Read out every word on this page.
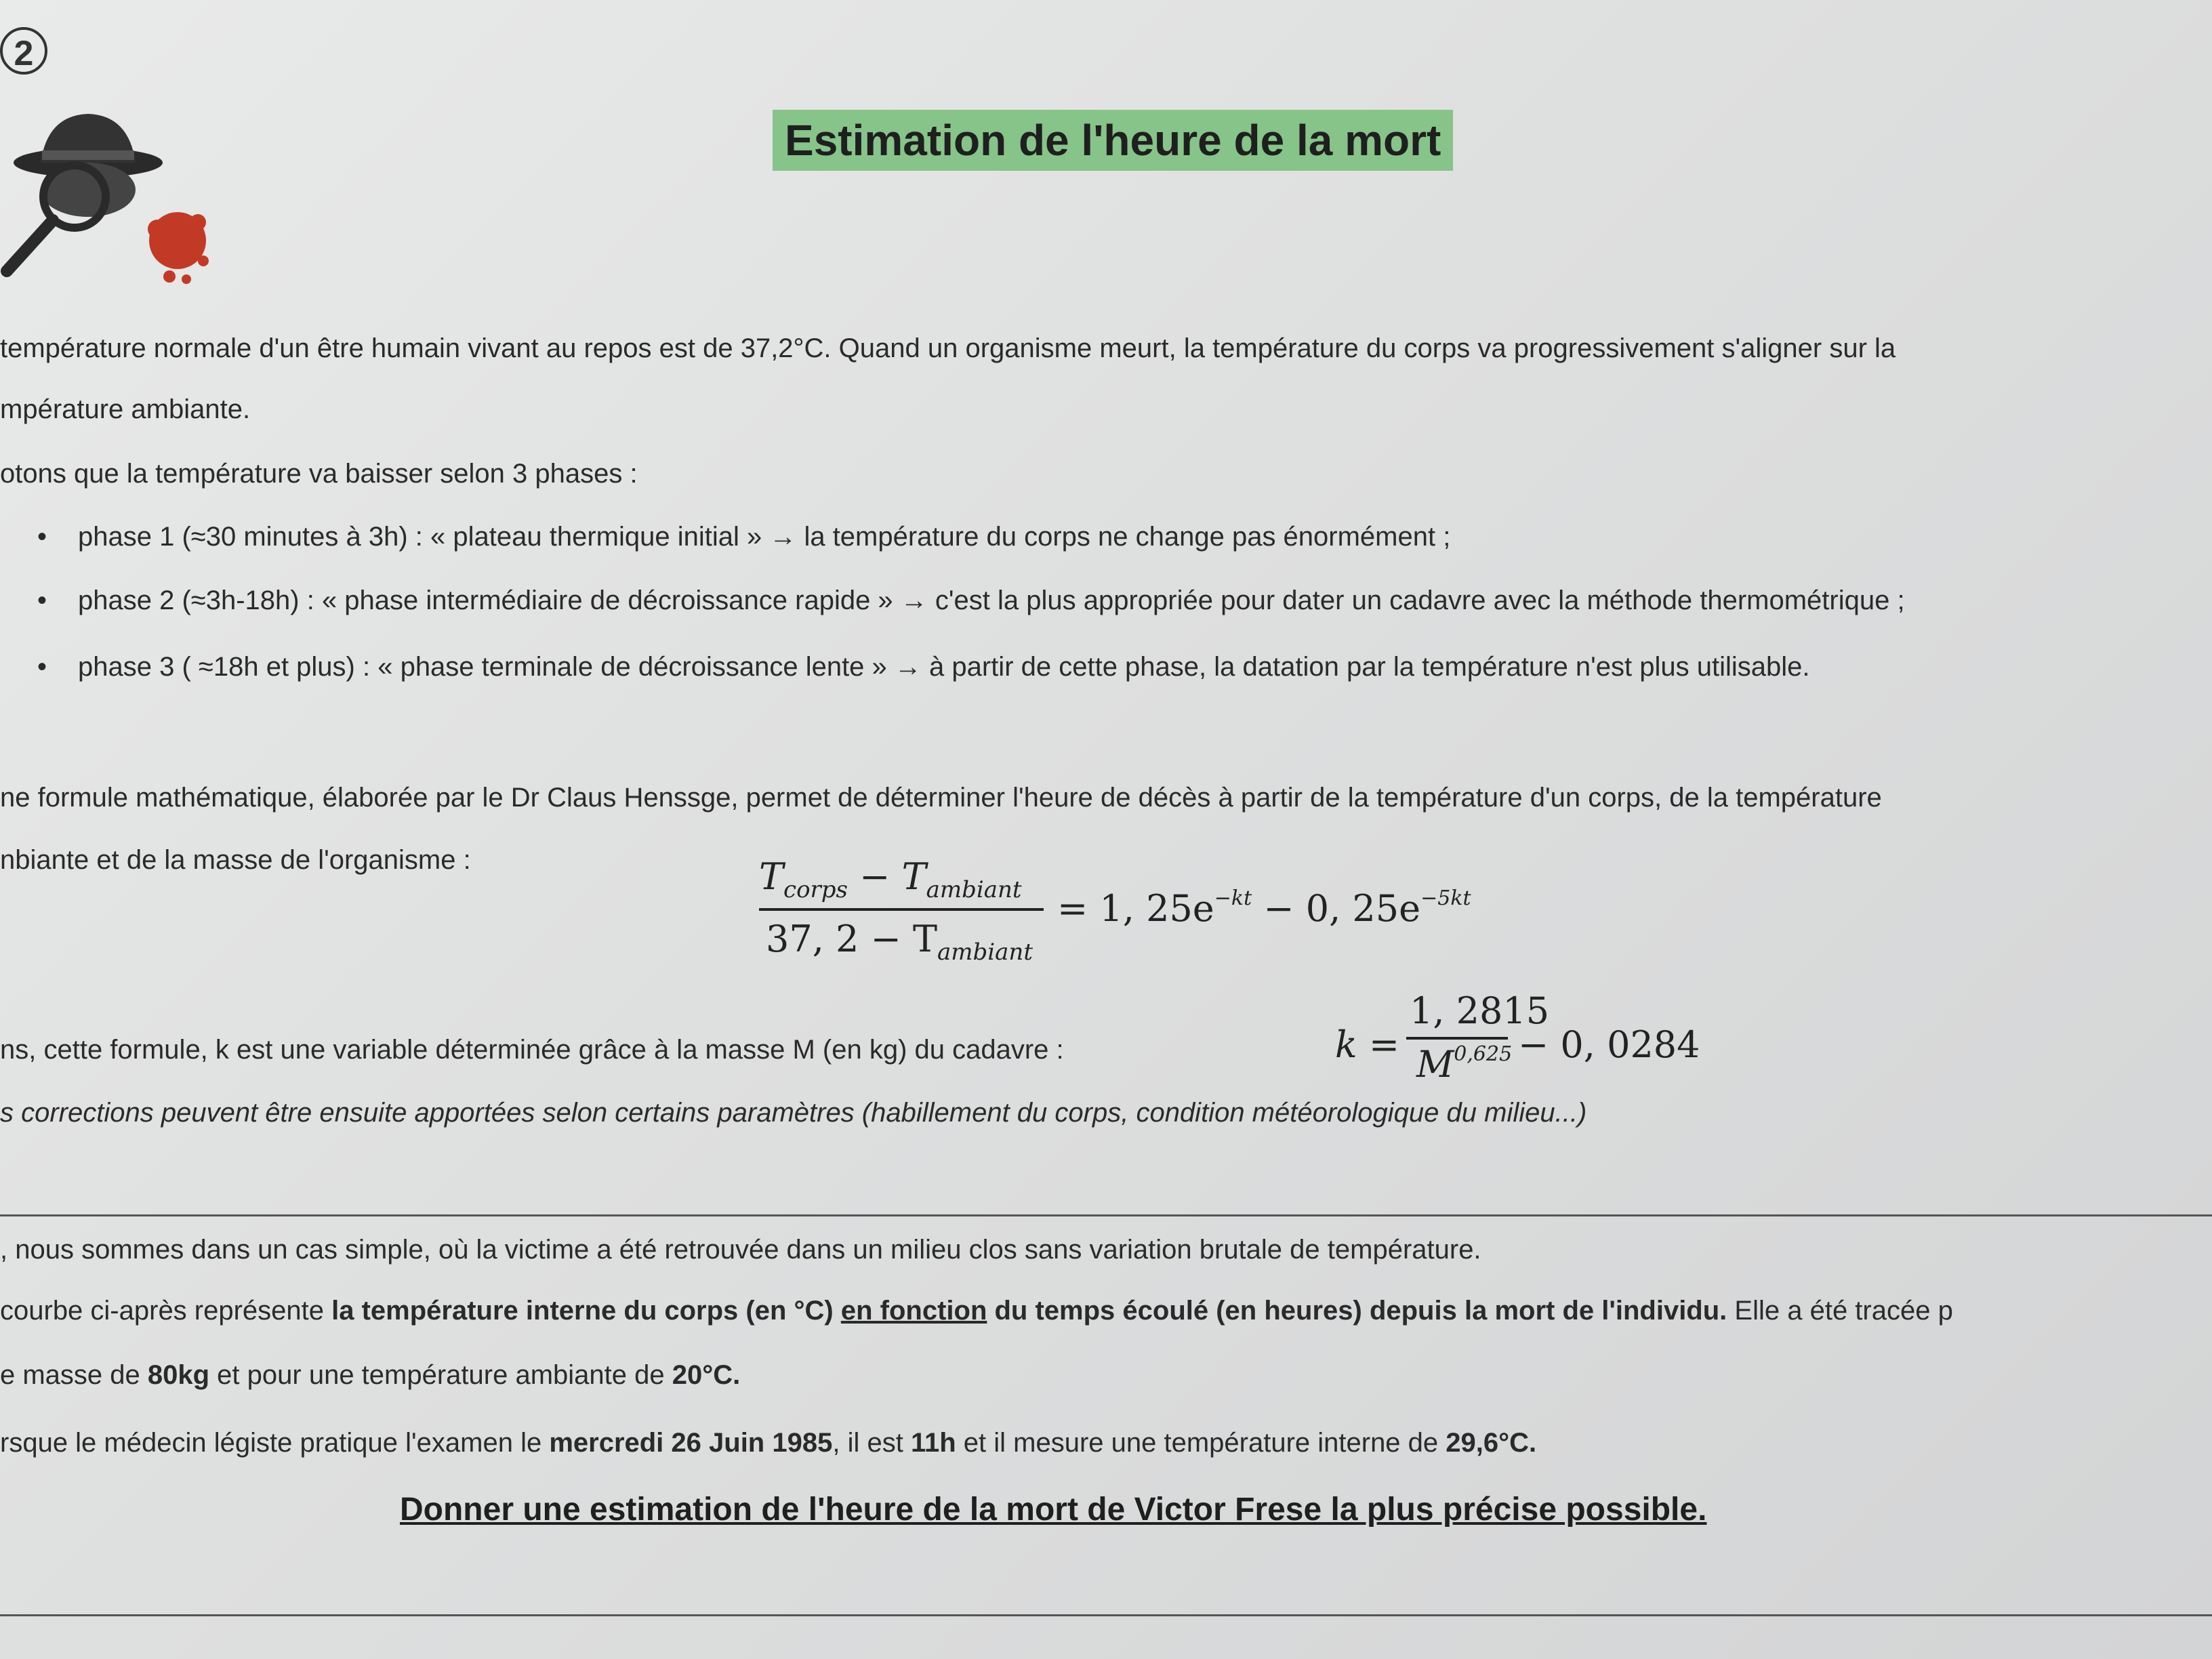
2
Estimation de l'heure de la mort
température normale d'un être humain vivant au repos est de 37,2°C. Quand un organisme meurt, la température du corps va progressivement s'aligner sur la
mpérature ambiante.
otons que la température va baisser selon 3 phases :
• phase 1 (≈30 minutes à 3h) : « plateau thermique initial » → la température du corps ne change pas énormément ;
• phase 2 (≈3h-18h) : « phase intermédiaire de décroissance rapide » → c'est la plus appropriée pour dater un cadavre avec la méthode thermométrique ;
• phase 3 ( ≈18h et plus) : « phase terminale de décroissance lente » → à partir de cette phase, la datation par la température n'est plus utilisable.
ne formule mathématique, élaborée par le Dr Claus Henssge, permet de déterminer l'heure de décès à partir de la température d'un corps, de la température
nbiante et de la masse de l'organisme :	$T_{corps} - T_{ambiant}$
37, $2 - T_{ambiant}$
= 1, $25e^{-kt} - 0$, $25e^{-5kt}$
ns, cette formule, k est une variable déterminée grâce à la masse M (en kg) du cadavre :	k =
1, 2815
M$^{0,625}$ − 0, 0284
s corrections peuvent être ensuite apportées selon certains paramètres (habillement du corps, condition météorologique du milieu...)
, nous sommes dans un cas simple, où la victime a été retrouvée dans un milieu clos sans variation brutale de température.
courbe ci-après représente la température interne du corps (en °C) en fonction du temps écoulé (en heures) depuis la mort de l'individu. Elle a été tracée p
e masse de 80kg et pour une température ambiante de 20°C.
rsque le médecin légiste pratique l'examen le mercredi 26 Juin 1985, il est 11h et il mesure une température interne de 29,6°C.
Donner une estimation de l'heure de la mort de Victor Frese la plus précise possible.
